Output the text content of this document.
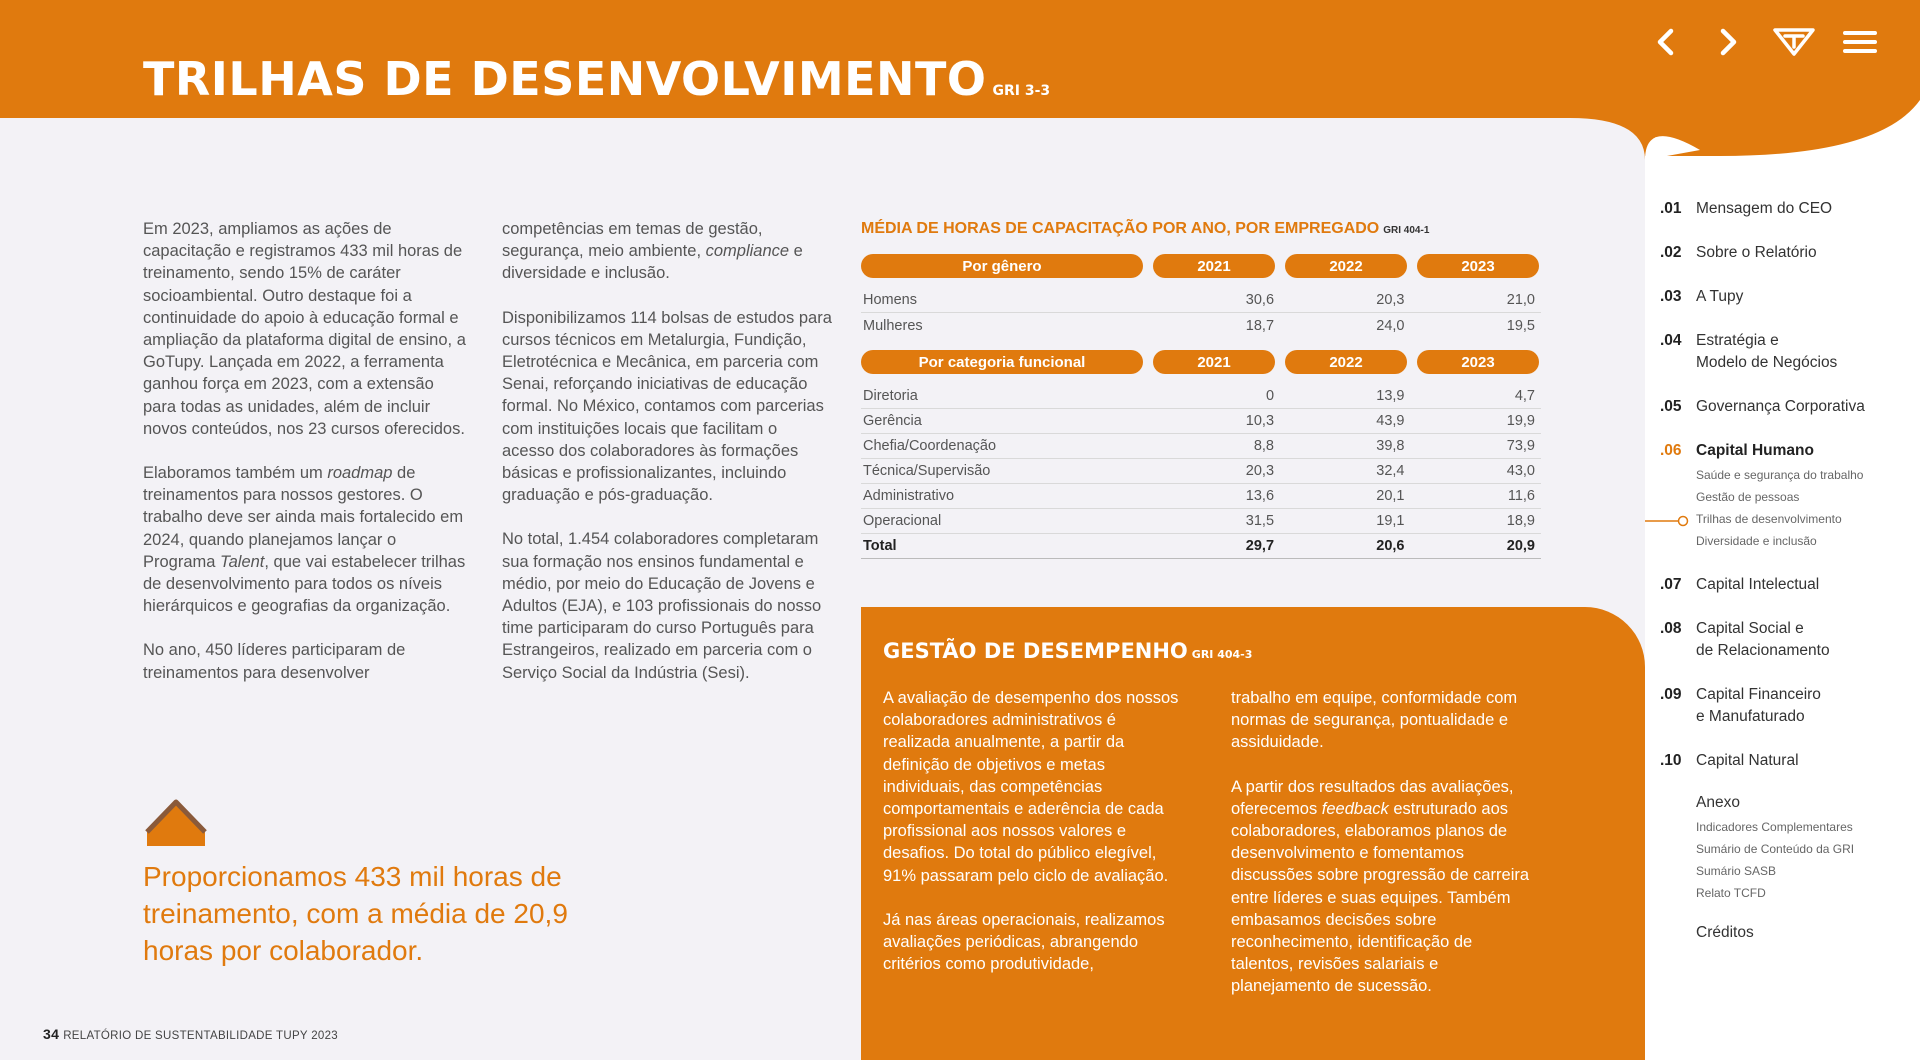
TRILHAS DE DESENVOLVIMENTO GRI 3-3

Em 2023, ampliamos as ações de capacitação e registramos 433 mil horas de treinamento, sendo 15% de caráter socioambiental. Outro destaque foi a continuidade do apoio à educação formal e ampliação da plataforma digital de ensino, a GoTupy. Lançada em 2022, a ferramenta ganhou força em 2023, com a extensão para todas as unidades, além de incluir novos conteúdos, nos 23 cursos oferecidos.

Elaboramos também um roadmap de treinamentos para nossos gestores. O trabalho deve ser ainda mais fortalecido em 2024, quando planejamos lançar o Programa Talent, que vai estabelecer trilhas de desenvolvimento para todos os níveis hierárquicos e geografias da organização.

No ano, 450 líderes participaram de treinamentos para desenvolver

competências em temas de gestão, segurança, meio ambiente, compliance e diversidade e inclusão.

Disponibilizamos 114 bolsas de estudos para cursos técnicos em Metalurgia, Fundição, Eletrotécnica e Mecânica, em parceria com Senai, reforçando iniciativas de educação formal. No México, contamos com parcerias com instituições locais que facilitam o acesso dos colaboradores às formações básicas e profissionalizantes, incluindo graduação e pós-graduação.

No total, 1.454 colaboradores completaram sua formação nos ensinos fundamental e médio, por meio do Educação de Jovens e Adultos (EJA), e 103 profissionais do nosso time participaram do curso Português para Estrangeiros, realizado em parceria com o Serviço Social da Indústria (Sesi).

Proporcionamos 433 mil horas de treinamento, com a média de 20,9 horas por colaborador.
MÉDIA DE HORAS DE CAPACITAÇÃO POR ANO, POR EMPREGADO GRI 404-1
Por gênero	2021	2022	2023
Homens	30,6	20,3	21,0
Mulheres	18,7	24,0	19,5
Por categoria funcional	2021	2022	2023
Diretoria	0	13,9	4,7
Gerência	10,3	43,9	19,9
Chefia/Coordenação	8,8	39,8	73,9
Técnica/Supervisão	20,3	32,4	43,0
Administrativo	13,6	20,1	11,6
Operacional	31,5	19,1	18,9
Total	29,7	20,6	20,9
GESTÃO DE DESEMPENHO GRI 404-3

A avaliação de desempenho dos nossos colaboradores administrativos é realizada anualmente, a partir da definição de objetivos e metas individuais, das competências comportamentais e aderência de cada profissional aos nossos valores e desafios. Do total do público elegível, 91% passaram pelo ciclo de avaliação.

Já nas áreas operacionais, realizamos avaliações periódicas, abrangendo critérios como produtividade,

trabalho em equipe, conformidade com normas de segurança, pontualidade e assiduidade.

A partir dos resultados das avaliações, oferecemos feedback estruturado aos colaboradores, elaboramos planos de desenvolvimento e fomentamos discussões sobre progressão de carreira entre líderes e suas equipes. Também embasamos decisões sobre reconhecimento, identificação de talentos, revisões salariais e planejamento de sucessão.

.01 Mensagem do CEO
.02 Sobre o Relatório
.03 A Tupy
.04 Estratégia e
Modelo de Negócios
.05 Governança Corporativa
.06 Capital Humano
Saúde e segurança do trabalho
Gestão de pessoas
Trilhas de desenvolvimento
Diversidade e inclusão
.07 Capital Intelectual
.08 Capital Social e
de Relacionamento
.09 Capital Financeiro
e Manufaturado
.10 Capital Natural
Anexo
Indicadores Complementares
Sumário de Conteúdo da GRI
Sumário SASB
Relato TCFD
Créditos
34 RELATÓRIO DE SUSTENTABILIDADE TUPY 2023
